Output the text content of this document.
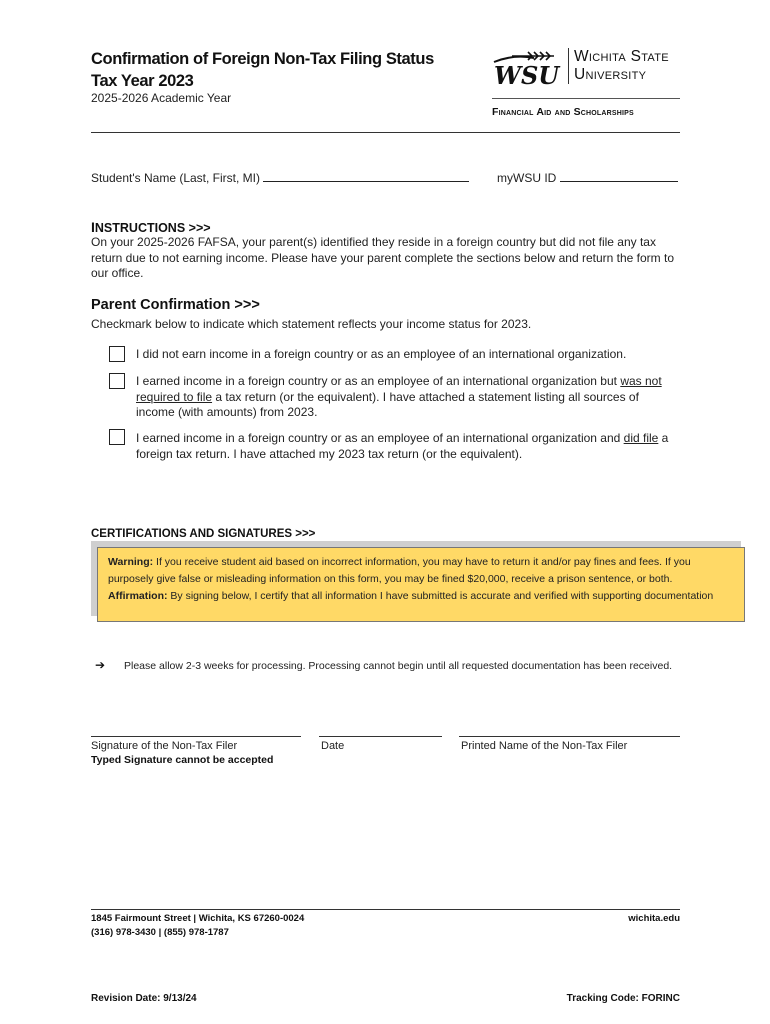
Confirmation of Foreign Non-Tax Filing Status
Tax Year 2023
2025-2026 Academic Year
WSU
Wichita State
University
Financial Aid and Scholarships
Student's Name (Last, First, MI)	myWSU ID
INSTRUCTIONS >>>
On your 2025-2026 FAFSA, your parent(s) identified they reside in a foreign country but did not file any tax return due to not earning income. Please have your parent complete the sections below and return the form to our office.
Parent Confirmation >>>
Checkmark below to indicate which statement reflects your income status for 2023.
I did not earn income in a foreign country or as an employee of an international organization.
I earned income in a foreign country or as an employee of an international organization but was not required to file a tax return (or the equivalent). I have attached a statement listing all sources of income (with amounts) from 2023.
I earned income in a foreign country or as an employee of an international organization and did file a foreign tax return. I have attached my 2023 tax return (or the equivalent).
CERTIFICATIONS AND SIGNATURES >>>
Warning: If you receive student aid based on incorrect information, you may have to return it and/or pay fines and fees. If you purposely give false or misleading information on this form, you may be fined $20,000, receive a prison sentence, or both.
Affirmation: By signing below, I certify that all information I have submitted is accurate and verified with supporting documentation
➔ Please allow 2-3 weeks for processing. Processing cannot begin until all requested documentation has been received.
Signature of the Non-Tax Filer	Date	Printed Name of the Non-Tax Filer
Typed Signature cannot be accepted
1845 Fairmount Street | Wichita, KS 67260-0024
(316) 978-3430 | (855) 978-1787
wichita.edu
Revision Date: 9/13/24	Tracking Code: FORINC
